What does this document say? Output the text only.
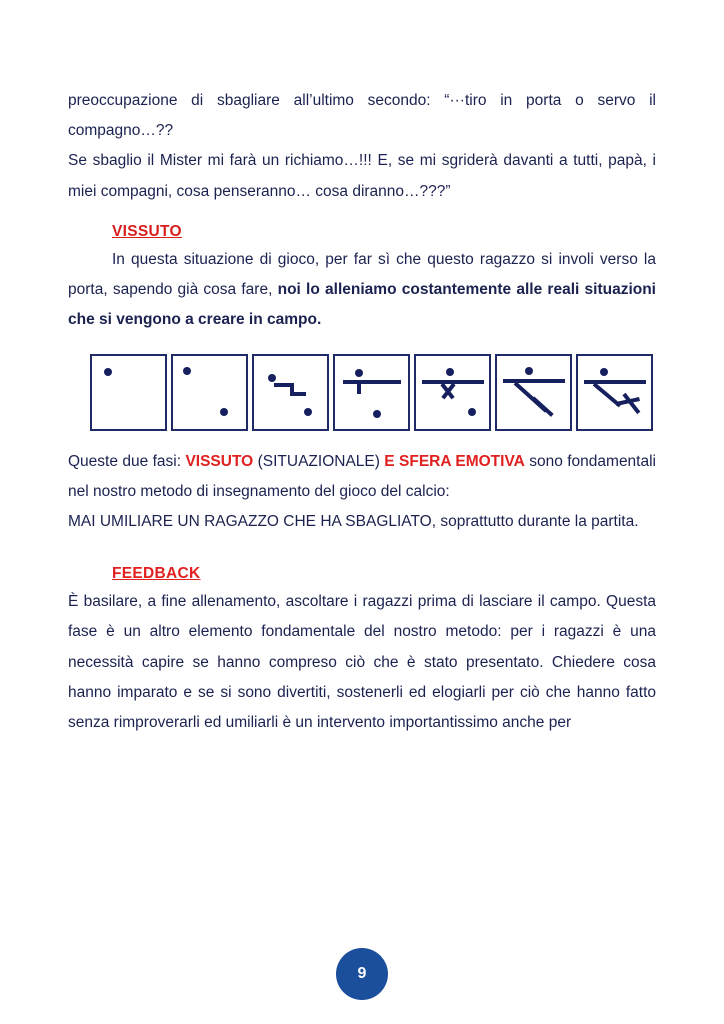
preoccupazione di sbagliare all’ultimo secondo: “···tiro in porta o servo il compagno…??

Se sbaglio il Mister mi farà un richiamo…!!! E, se mi sgriderà davanti a tutti, papà, i miei compagni, cosa penseranno… cosa diranno…???”

VISSUTO

In questa situazione di gioco, per far sì che questo ragazzo si involi verso la porta, sapendo già cosa fare, noi lo alleniamo costantemente alle reali situazioni che si vengono a creare in campo.

Queste due fasi: VISSUTO (SITUAZIONALE) E SFERA EMOTIVA sono fondamentali nel nostro metodo di insegnamento del gioco del calcio:

MAI UMILIARE UN RAGAZZO CHE HA SBAGLIATO, soprattutto durante la partita.

FEEDBACK

È basilare, a fine allenamento, ascoltare i ragazzi prima di lasciare il campo. Questa fase è un altro elemento fondamentale del nostro metodo: per i ragazzi è una necessità capire se hanno compreso ciò che è stato presentato. Chiedere cosa hanno imparato e se si sono divertiti, sostenerli ed elogiarli per ciò che hanno fatto senza rimproverarli ed umiliarli è un intervento importantissimo anche per

9
